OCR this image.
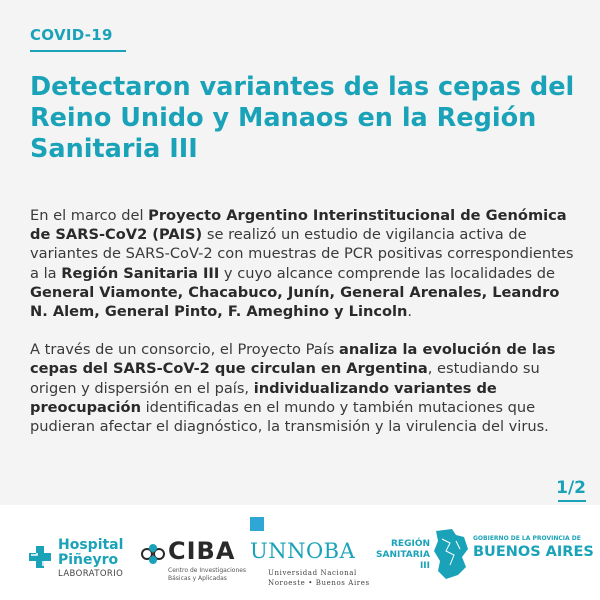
COVID-19
Detectaron variantes de las cepas del Reino Unido y Manaos en la Región Sanitaria III

En el marco del Proyecto Argentino Interinstitucional de Genómica de SARS-CoV2 (PAIS) se realizó un estudio de vigilancia activa de variantes de SARS-CoV-2 con muestras de PCR positivas correspondientes a la Región Sanitaria III y cuyo alcance comprende las localidades de General Viamonte, Chacabuco, Junín, General Arenales, Leandro N. Alem, General Pinto, F. Ameghino y Lincoln.

A través de un consorcio, el Proyecto País analiza la evolución de las cepas del SARS-CoV-2 que circulan en Argentina, estudiando su origen y dispersión en el país, individualizando variantes de preocupación identificadas en el mundo y también mutaciones que pudieran afectar el diagnóstico, la transmisión y la virulencia del virus.

1/2
Hospital
Piñeyro
LABORATORIO
CIBA
Centro de Investigaciones
Básicas y Aplicadas
UNNOBA
Universidad Nacional
Noroeste • Buenos Aires
REGIÓN
SANITARIA III
GOBIERNO DE LA PROVINCIA DE
BUENOS AIRES
